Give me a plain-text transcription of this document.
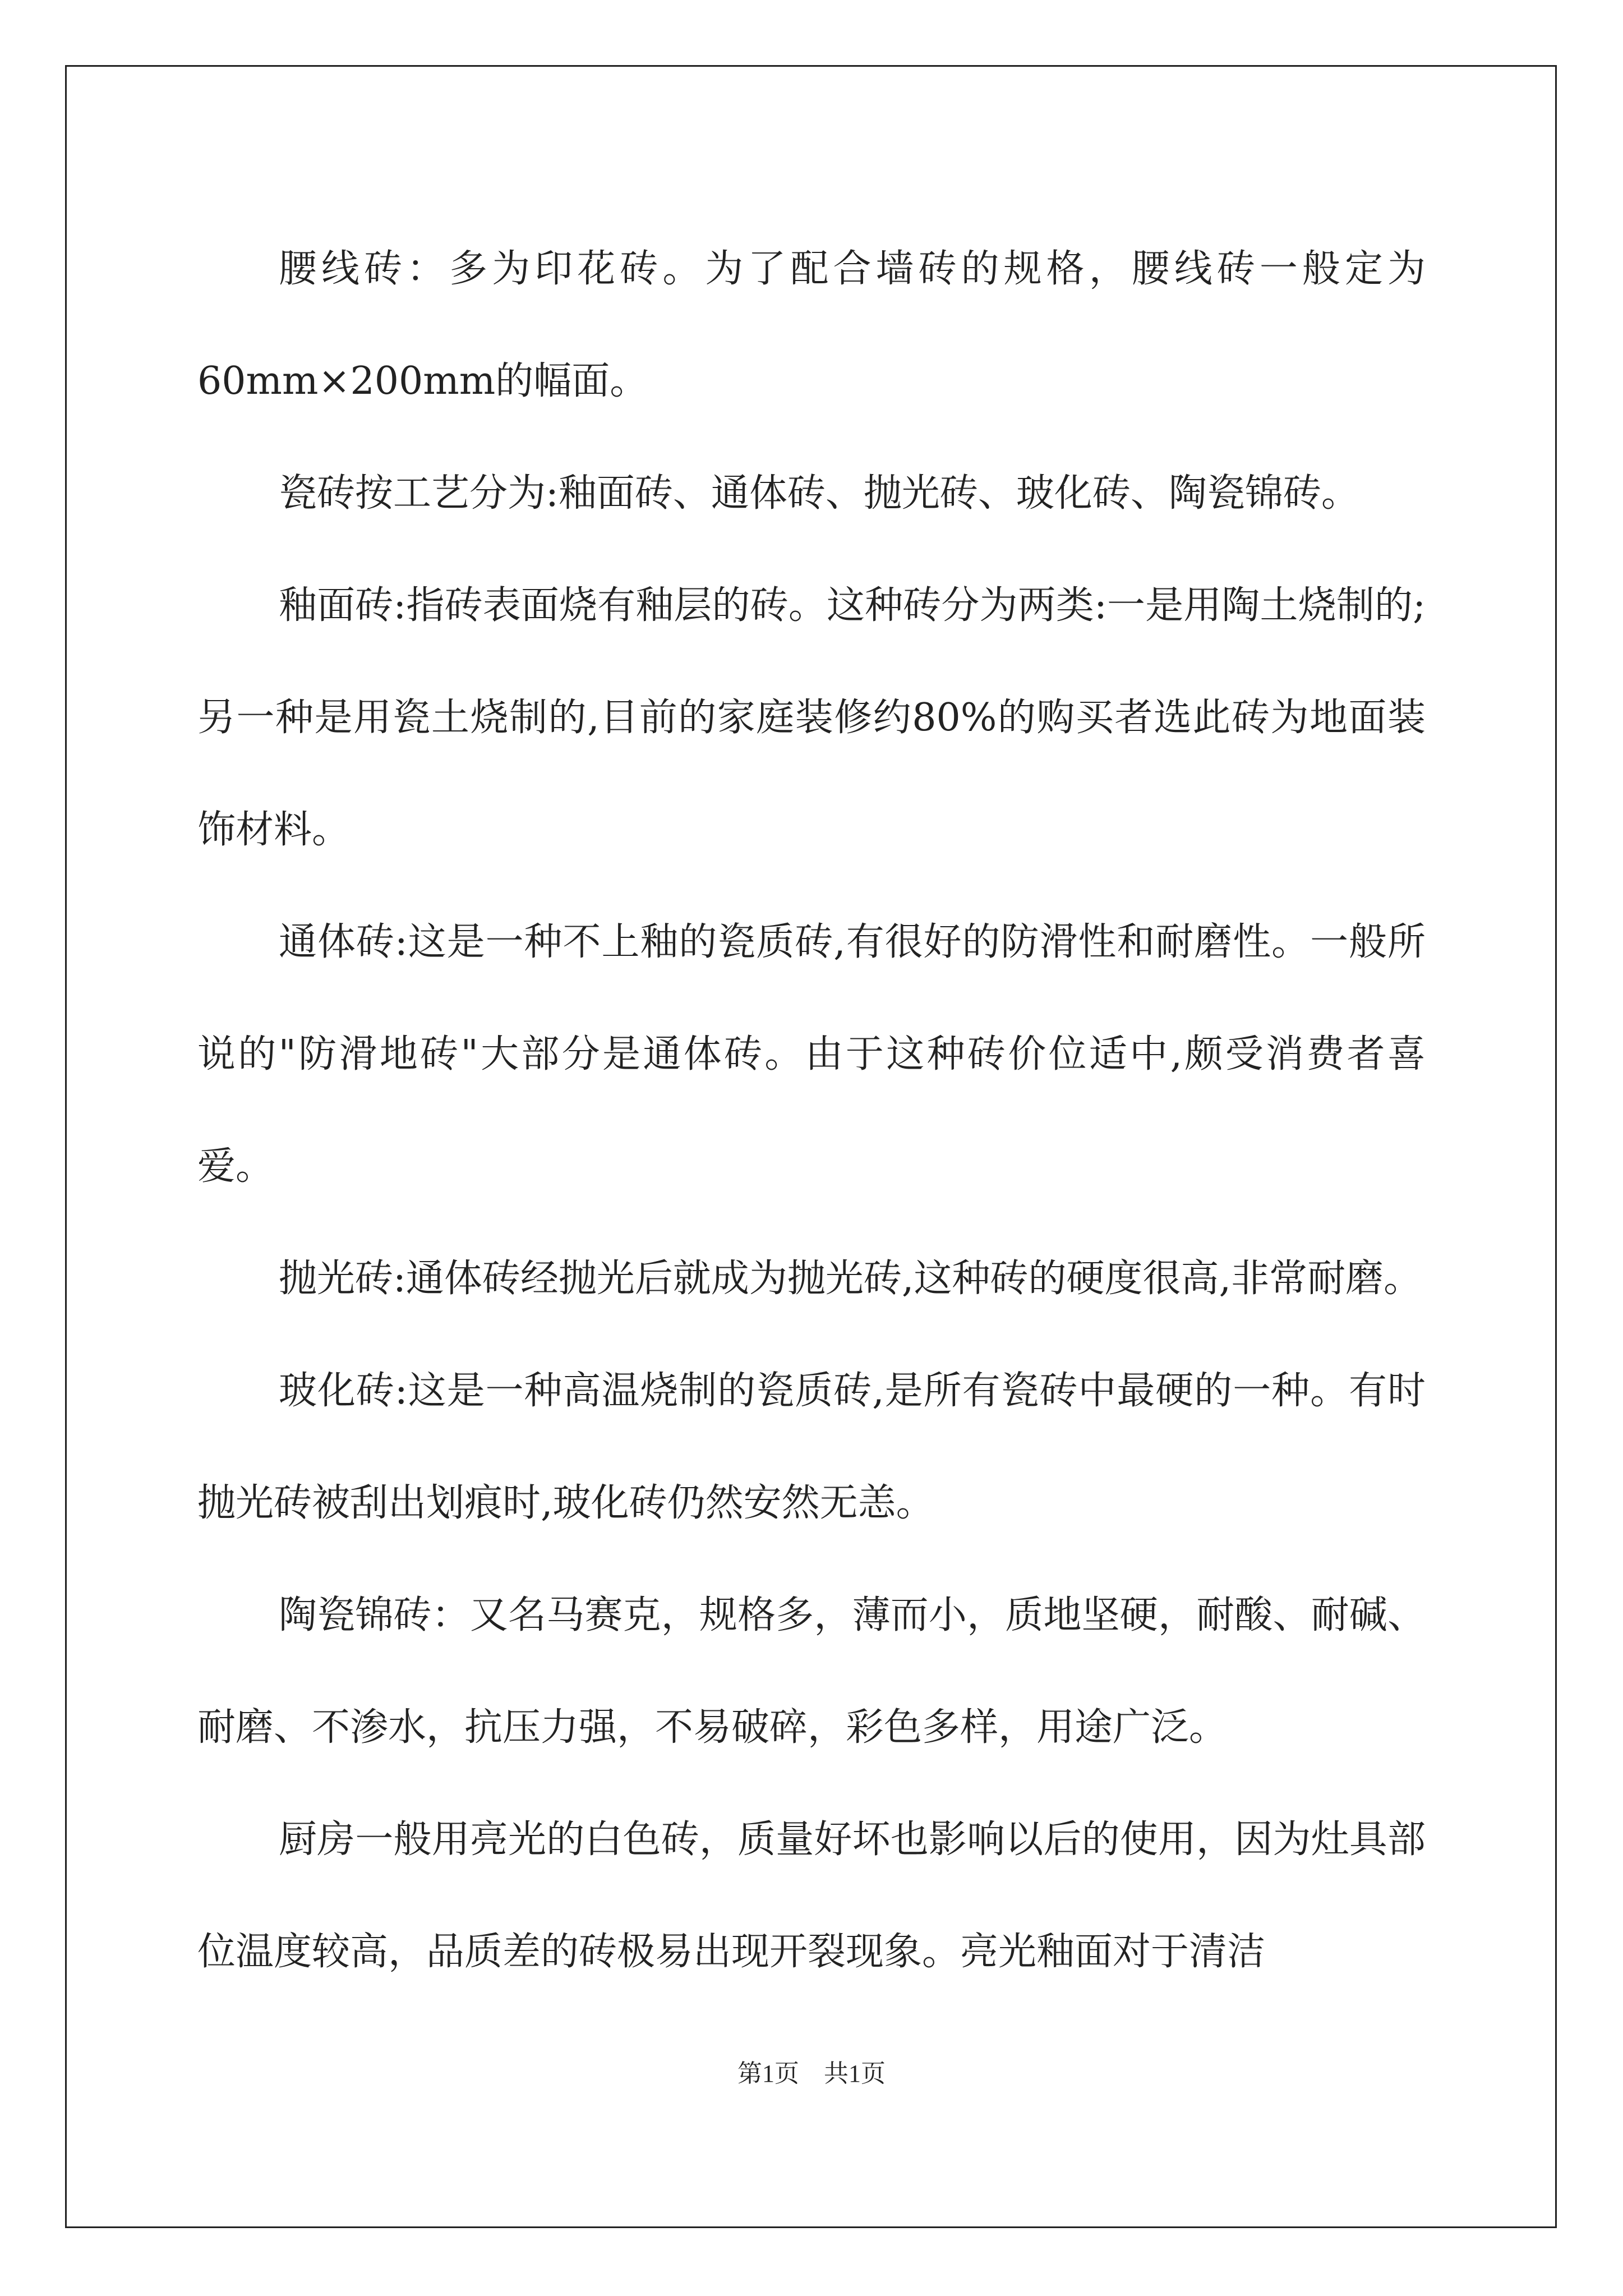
腰线砖：多为印花砖。为了配合墙砖的规格，腰线砖一般定为60mm×200mm的幅面。

瓷砖按工艺分为:釉面砖、通体砖、抛光砖、玻化砖、陶瓷锦砖。

釉面砖:指砖表面烧有釉层的砖。这种砖分为两类:一是用陶土烧制的;另一种是用瓷土烧制的,目前的家庭装修约80%的购买者选此砖为地面装饰材料。

通体砖:这是一种不上釉的瓷质砖,有很好的防滑性和耐磨性。一般所说的"防滑地砖"大部分是通体砖。由于这种砖价位适中,颇受消费者喜爱。

抛光砖:通体砖经抛光后就成为抛光砖,这种砖的硬度很高,非常耐磨。

玻化砖:这是一种高温烧制的瓷质砖,是所有瓷砖中最硬的一种。有时抛光砖被刮出划痕时,玻化砖仍然安然无恙。

陶瓷锦砖：又名马赛克，规格多，薄而小，质地坚硬，耐酸、耐碱、耐磨、不渗水，抗压力强，不易破碎，彩色多样，用途广泛。

厨房一般用亮光的白色砖，质量好坏也影响以后的使用，因为灶具部位温度较高，品质差的砖极易出现开裂现象。亮光釉面对于清洁

第1页　共1页
